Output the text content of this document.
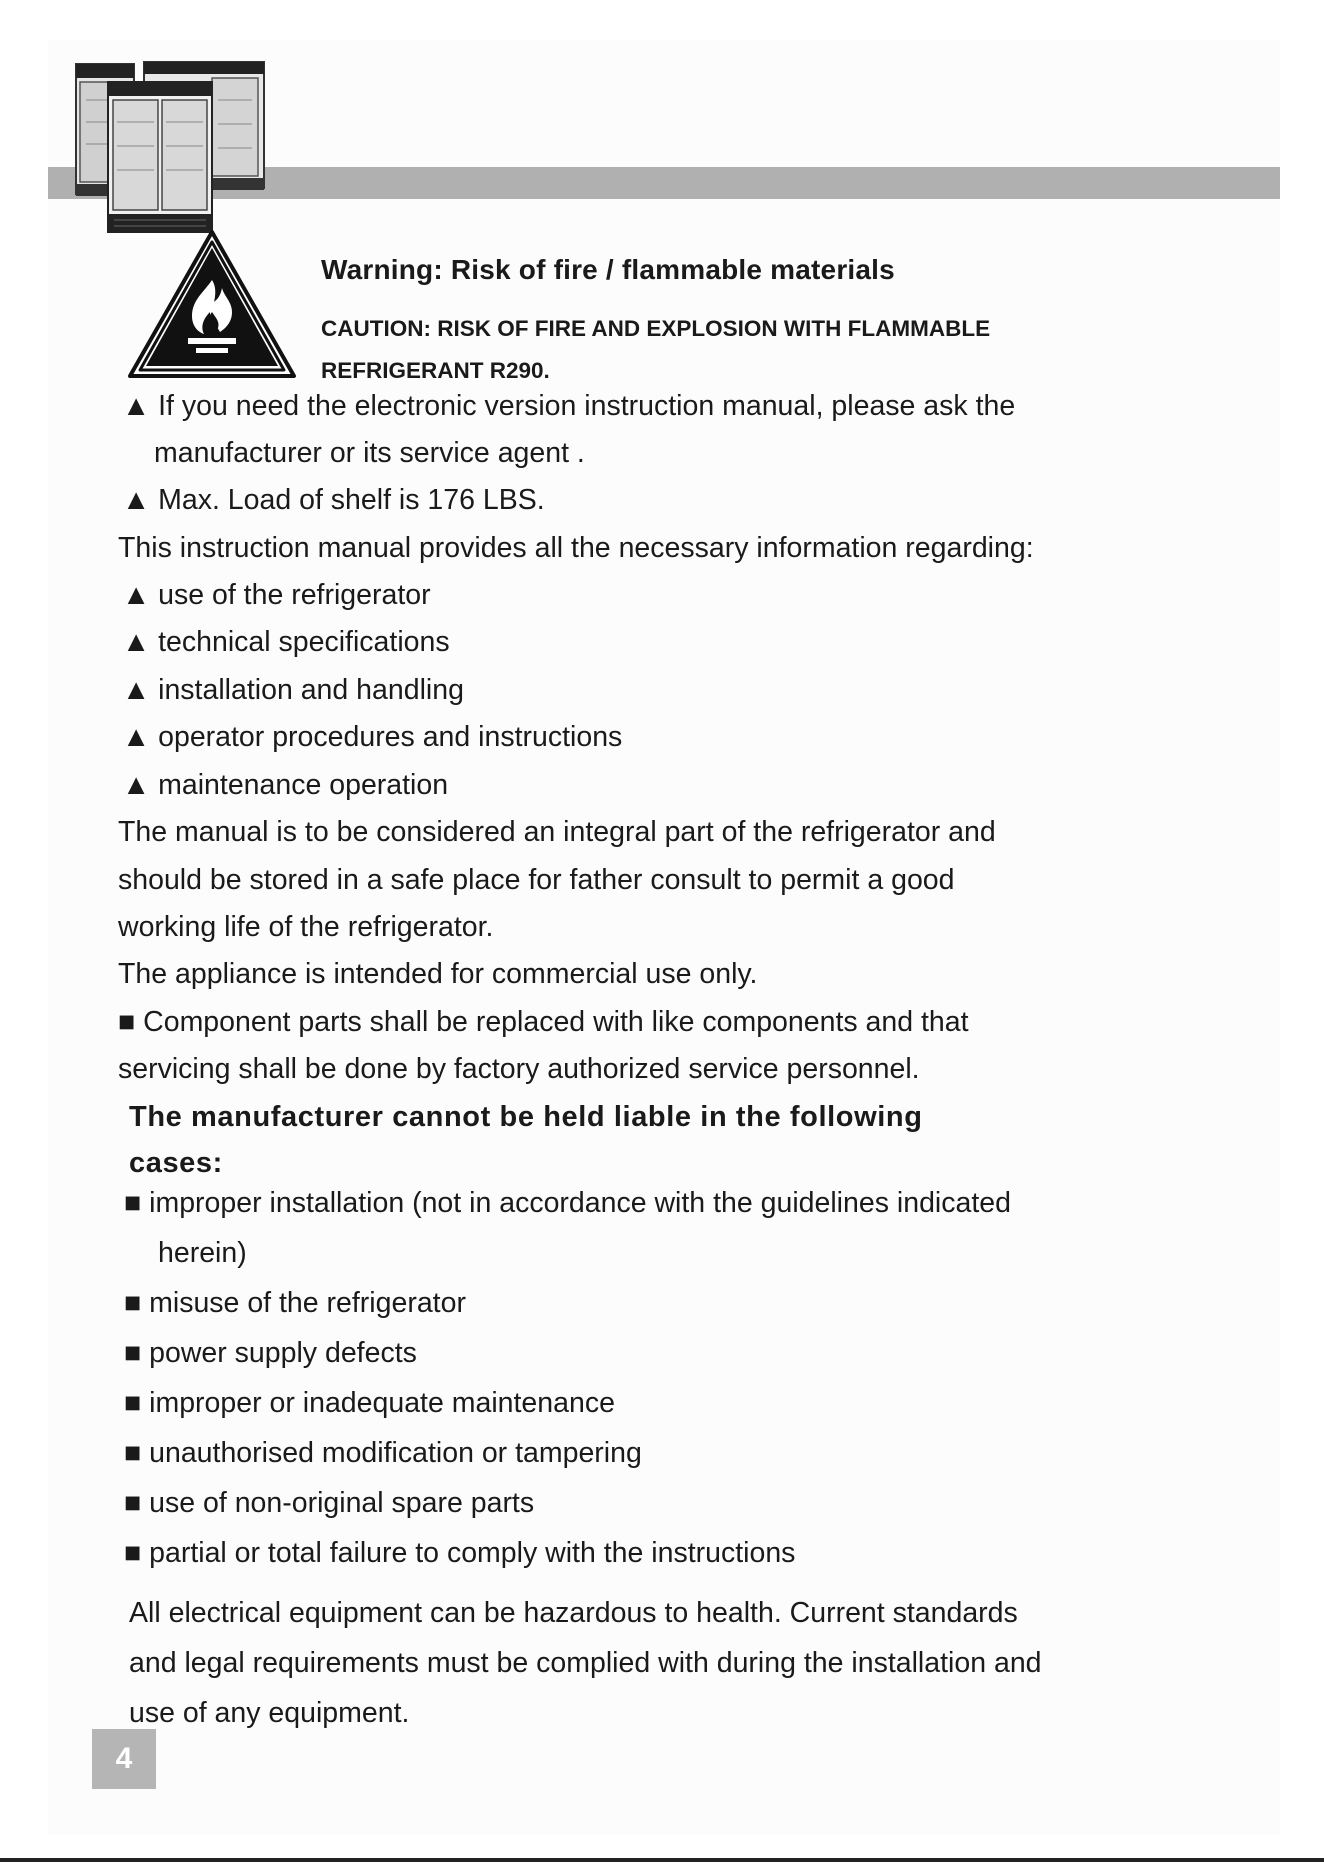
Warning: Risk of fire / flammable materials
CAUTION: RISK OF FIRE AND EXPLOSION WITH FLAMMABLE
REFRIGERANT R290.
▲ If you need the electronic version instruction manual, please ask the
manufacturer or its service agent .
▲ Max. Load of shelf is 176 LBS.
This instruction manual provides all the necessary information regarding:
▲ use of the refrigerator
▲ technical specifications
▲ installation and handling
▲ operator procedures and instructions
▲ maintenance operation
The manual is to be considered an integral part of the refrigerator and
should be stored in a safe place for father consult to permit a good
working life of the refrigerator.
The appliance is intended for commercial use only.
■ Component parts shall be replaced with like components and that
servicing shall be done by factory authorized service personnel.
The manufacturer cannot be held liable in the following
cases:
■ improper installation (not in accordance with the guidelines indicated
herein)
■ misuse of the refrigerator
■ power supply defects
■ improper or inadequate maintenance
■ unauthorised modification or tampering
■ use of non-original spare parts
■ partial or total failure to comply with the instructions
All electrical equipment can be hazardous to health. Current standards
and legal requirements must be complied with during the installation and
use of any equipment.
4
